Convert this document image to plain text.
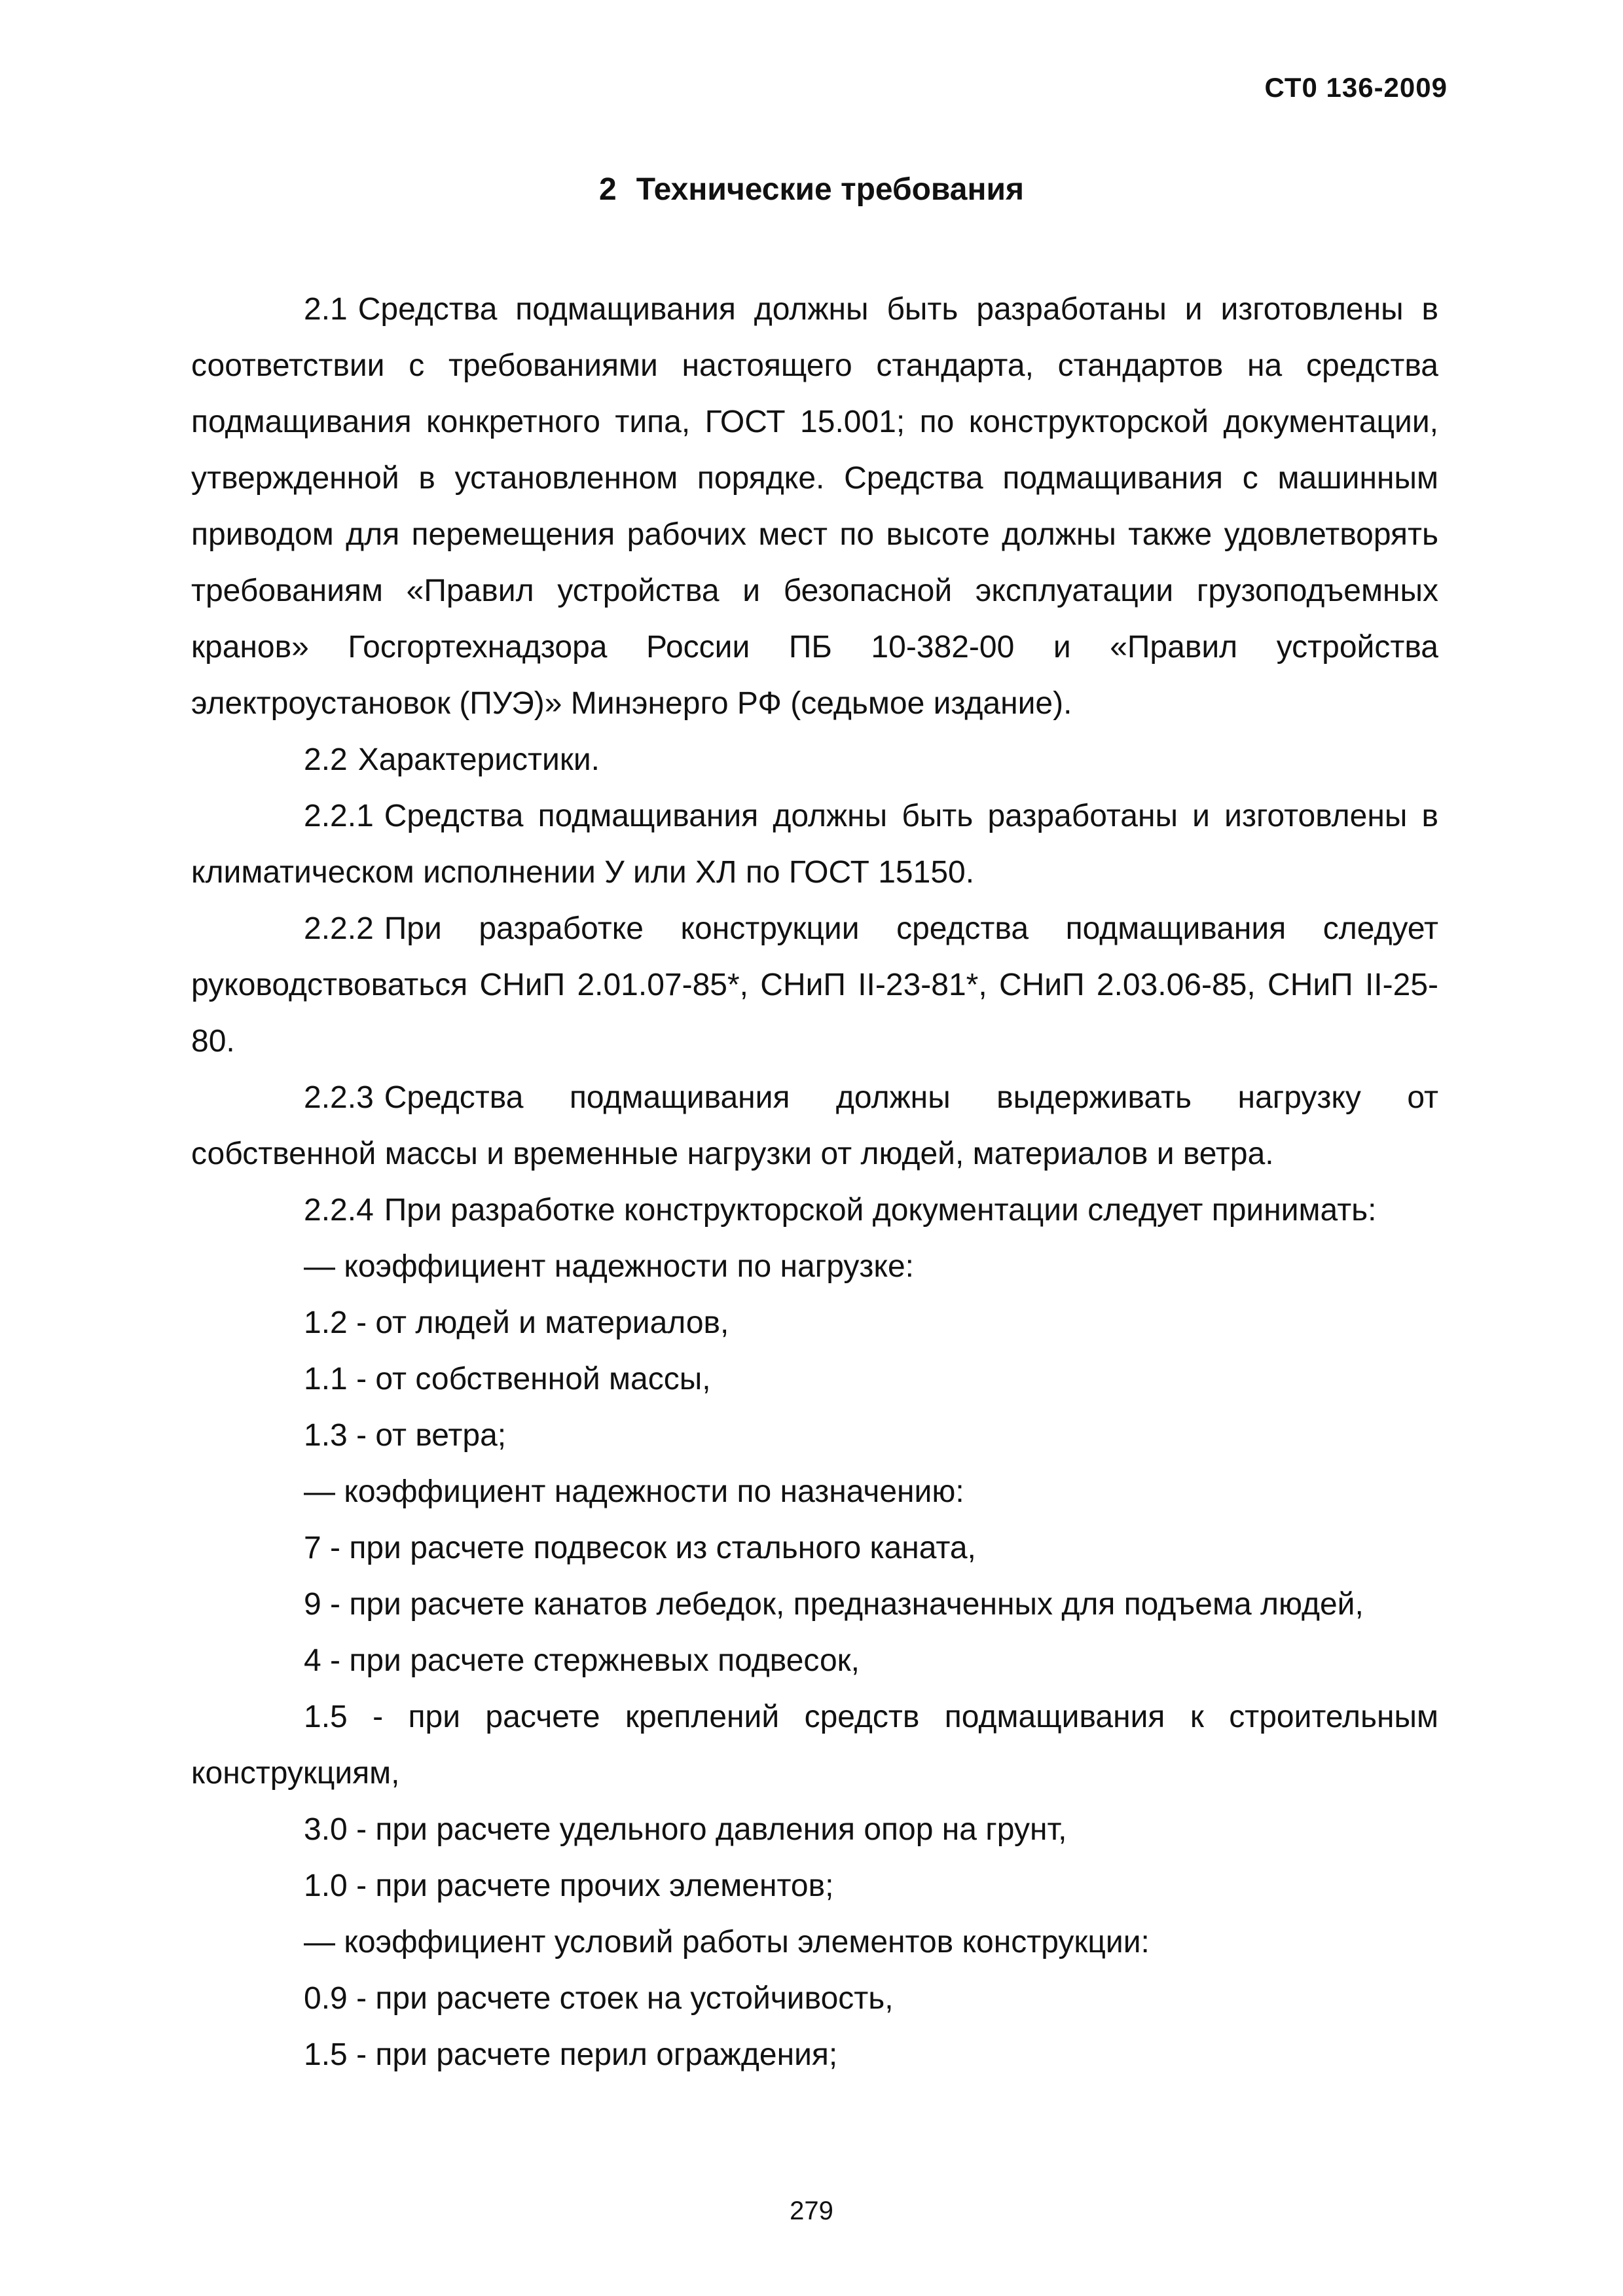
СТ0 136-2009
2 Технические требования

2.1 Средства подмащивания должны быть разработаны и изготовлены в соответствии с требованиями настоящего стандарта, стандартов на средства подмащивания конкретного типа, ГОСТ 15.001; по конструкторской документации, утвержденной в установленном порядке. Средства подмащивания с машинным приводом для перемещения рабочих мест по высоте должны также удовлетворять требованиям «Правил устройства и безопасной эксплуатации грузоподъемных кранов» Госгортехнадзора России ПБ 10-382-00 и «Правил устройства электроустановок (ПУЭ)» Минэнерго РФ (седьмое издание).

2.2 Характеристики.

2.2.1 Средства подмащивания должны быть разработаны и изготовлены в климатическом исполнении У или ХЛ по ГОСТ 15150.

2.2.2 При разработке конструкции средства подмащивания следует руководствоваться СНиП 2.01.07-85*, СНиП II-23-81*, СНиП 2.03.06-85, СНиП II-25-80.

2.2.3 Средства подмащивания должны выдерживать нагрузку от собственной массы и временные нагрузки от людей, материалов и ветра.

2.2.4 При разработке конструкторской документации следует принимать:

— коэффициент надежности по нагрузке:

1.2 - от людей и материалов,

1.1 - от собственной массы,

1.3 - от ветра;

— коэффициент надежности по назначению:

7 - при расчете подвесок из стального каната,

9 - при расчете канатов лебедок, предназначенных для подъема людей,

4 - при расчете стержневых подвесок,

1.5 - при расчете креплений средств подмащивания к строительным конструкциям,

3.0 - при расчете удельного давления опор на грунт,

1.0 - при расчете прочих элементов;

— коэффициент условий работы элементов конструкции:

0.9 - при расчете стоек на устойчивость,

1.5 - при расчете перил ограждения;

279
